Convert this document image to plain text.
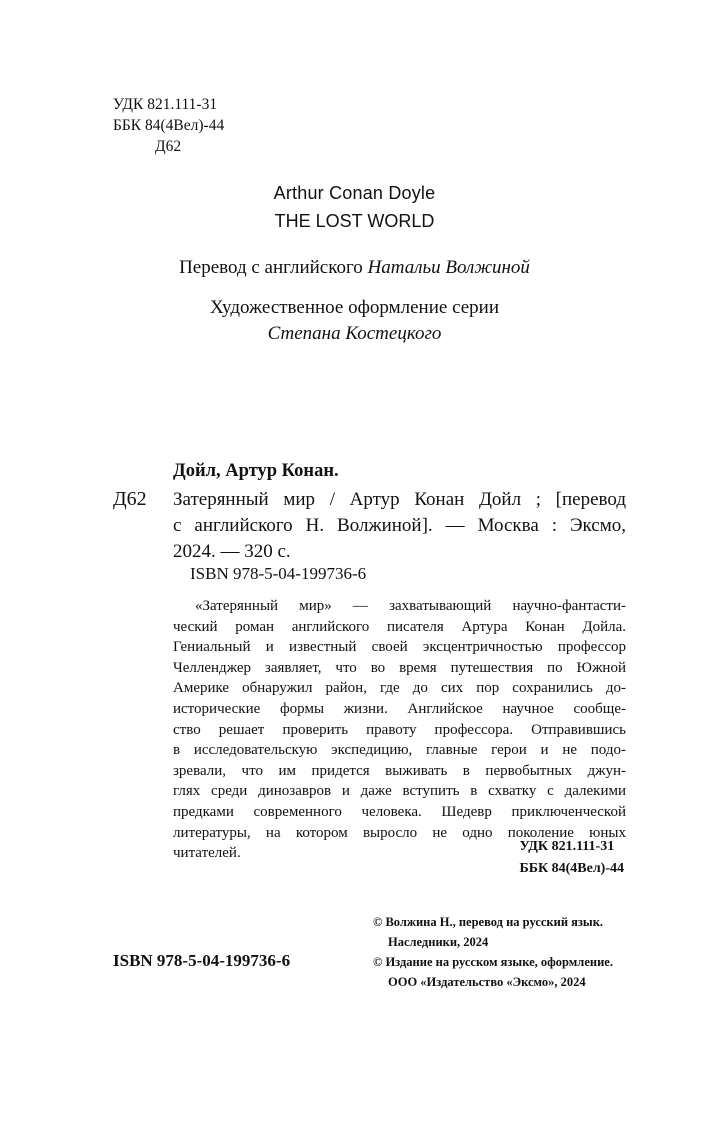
УДК 821.111-31
ББК 84(4Вел)-44
Д62
Arthur Conan Doyle
THE LOST WORLD
Перевод с английского Натальи Волжиной
Художественное оформление серии
Степана Костецкого
Дойл, Артур Конан.
Д62 Затерянный мир / Артур Конан Дойл ; [перевод
с английского Н. Волжиной]. — Москва : Эксмо,
2024. — 320 с.
ISBN 978-5-04-199736-6
«Затерянный мир» — захватывающий научно-фантасти-
ческий роман английского писателя Артура Конан Дойла.
Гениальный и известный своей эксцентричностью профессор
Челленджер заявляет, что во время путешествия по Южной
Америке обнаружил район, где до сих пор сохранились до-
исторические формы жизни. Английское научное сообще-
ство решает проверить правоту профессора. Отправившись
в исследовательскую экспедицию, главные герои и не подо-
зревали, что им придется выживать в первобытных джун-
глях среди динозавров и даже вступить в схватку с далекими
предками современного человека. Шедевр приключенческой
литературы, на котором выросло не одно поколение юных
читателей.	УДК 821.111-31
ББК 84(4Вел)-44
© Волжина Н., перевод на русский язык.
Наследники, 2024
© Издание на русском языке, оформление.
ООО «Издательство «Эксмо», 2024
ISBN 978-5-04-199736-6
